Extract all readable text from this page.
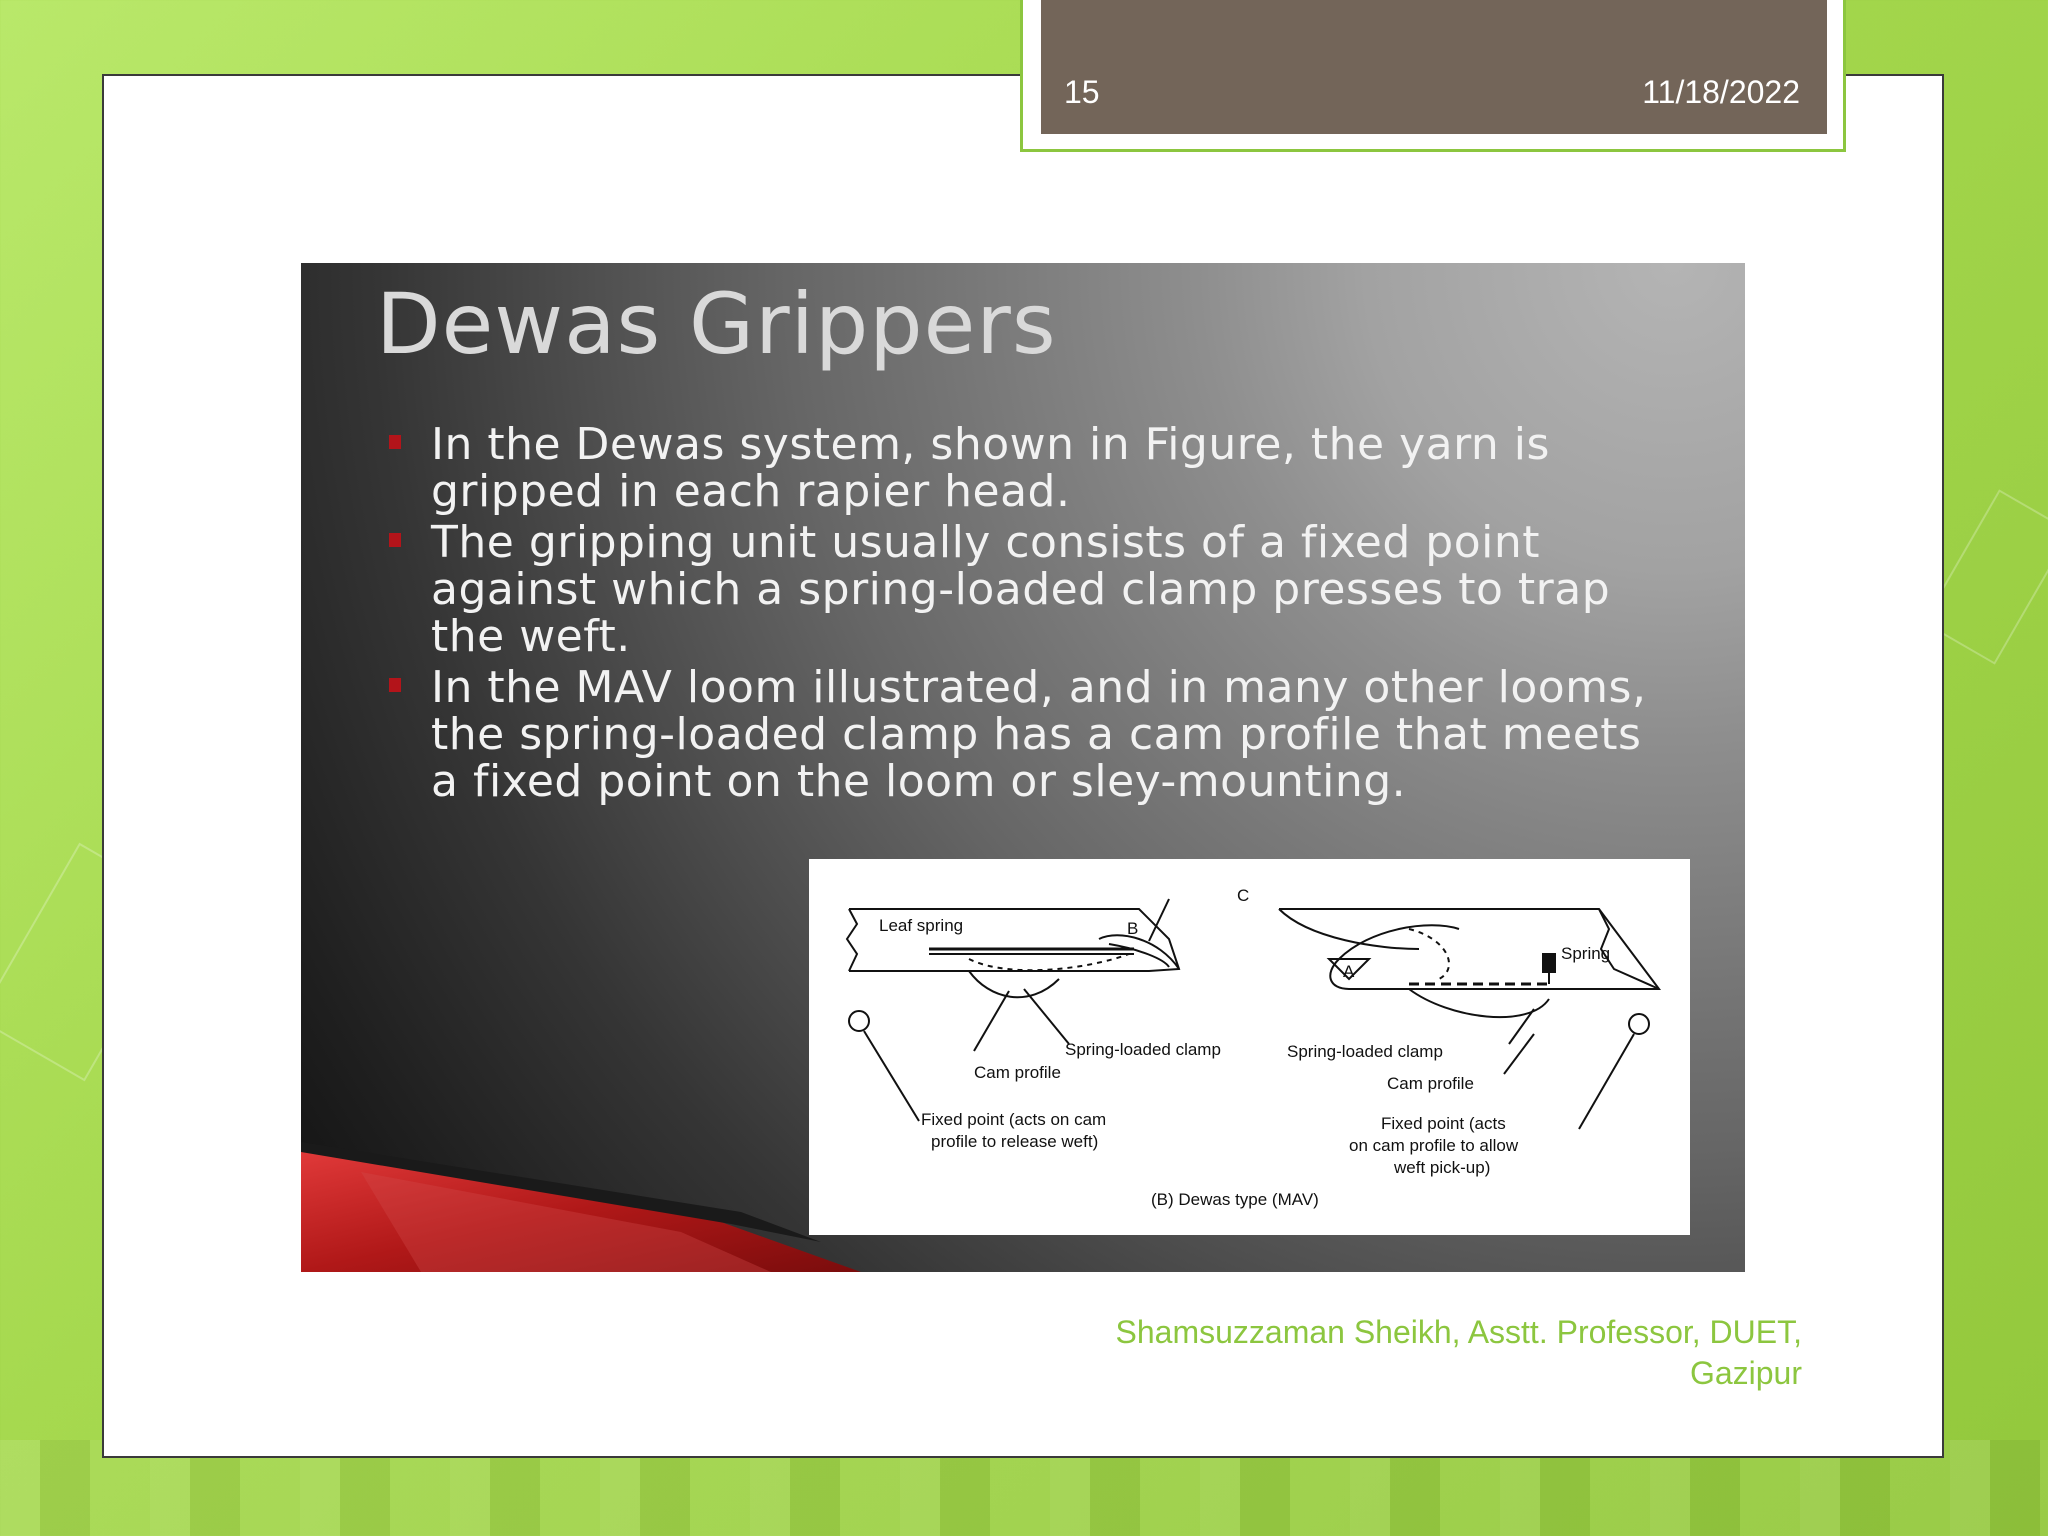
15	11/18/2022
Dewas Grippers
In the Dewas system, shown in Figure, the yarn is gripped in each rapier head.
The gripping unit usually consists of a fixed point against which a spring-loaded clamp presses to trap the weft.
In the MAV loom illustrated, and in many other looms, the spring-loaded clamp has a cam profile that meets a fixed point on the loom or sley-mounting.
Leaf spring	B
C
A
Spring
Spring-loaded clamp
Cam profile
Fixed point (acts on cam
profile to release weft)
Spring-loaded clamp
Cam profile
Fixed point (acts
on cam profile to allow
weft pick-up)
(B) Dewas type (MAV)
Shamsuzzaman Sheikh, Asstt. Professor, DUET,
Gazipur
